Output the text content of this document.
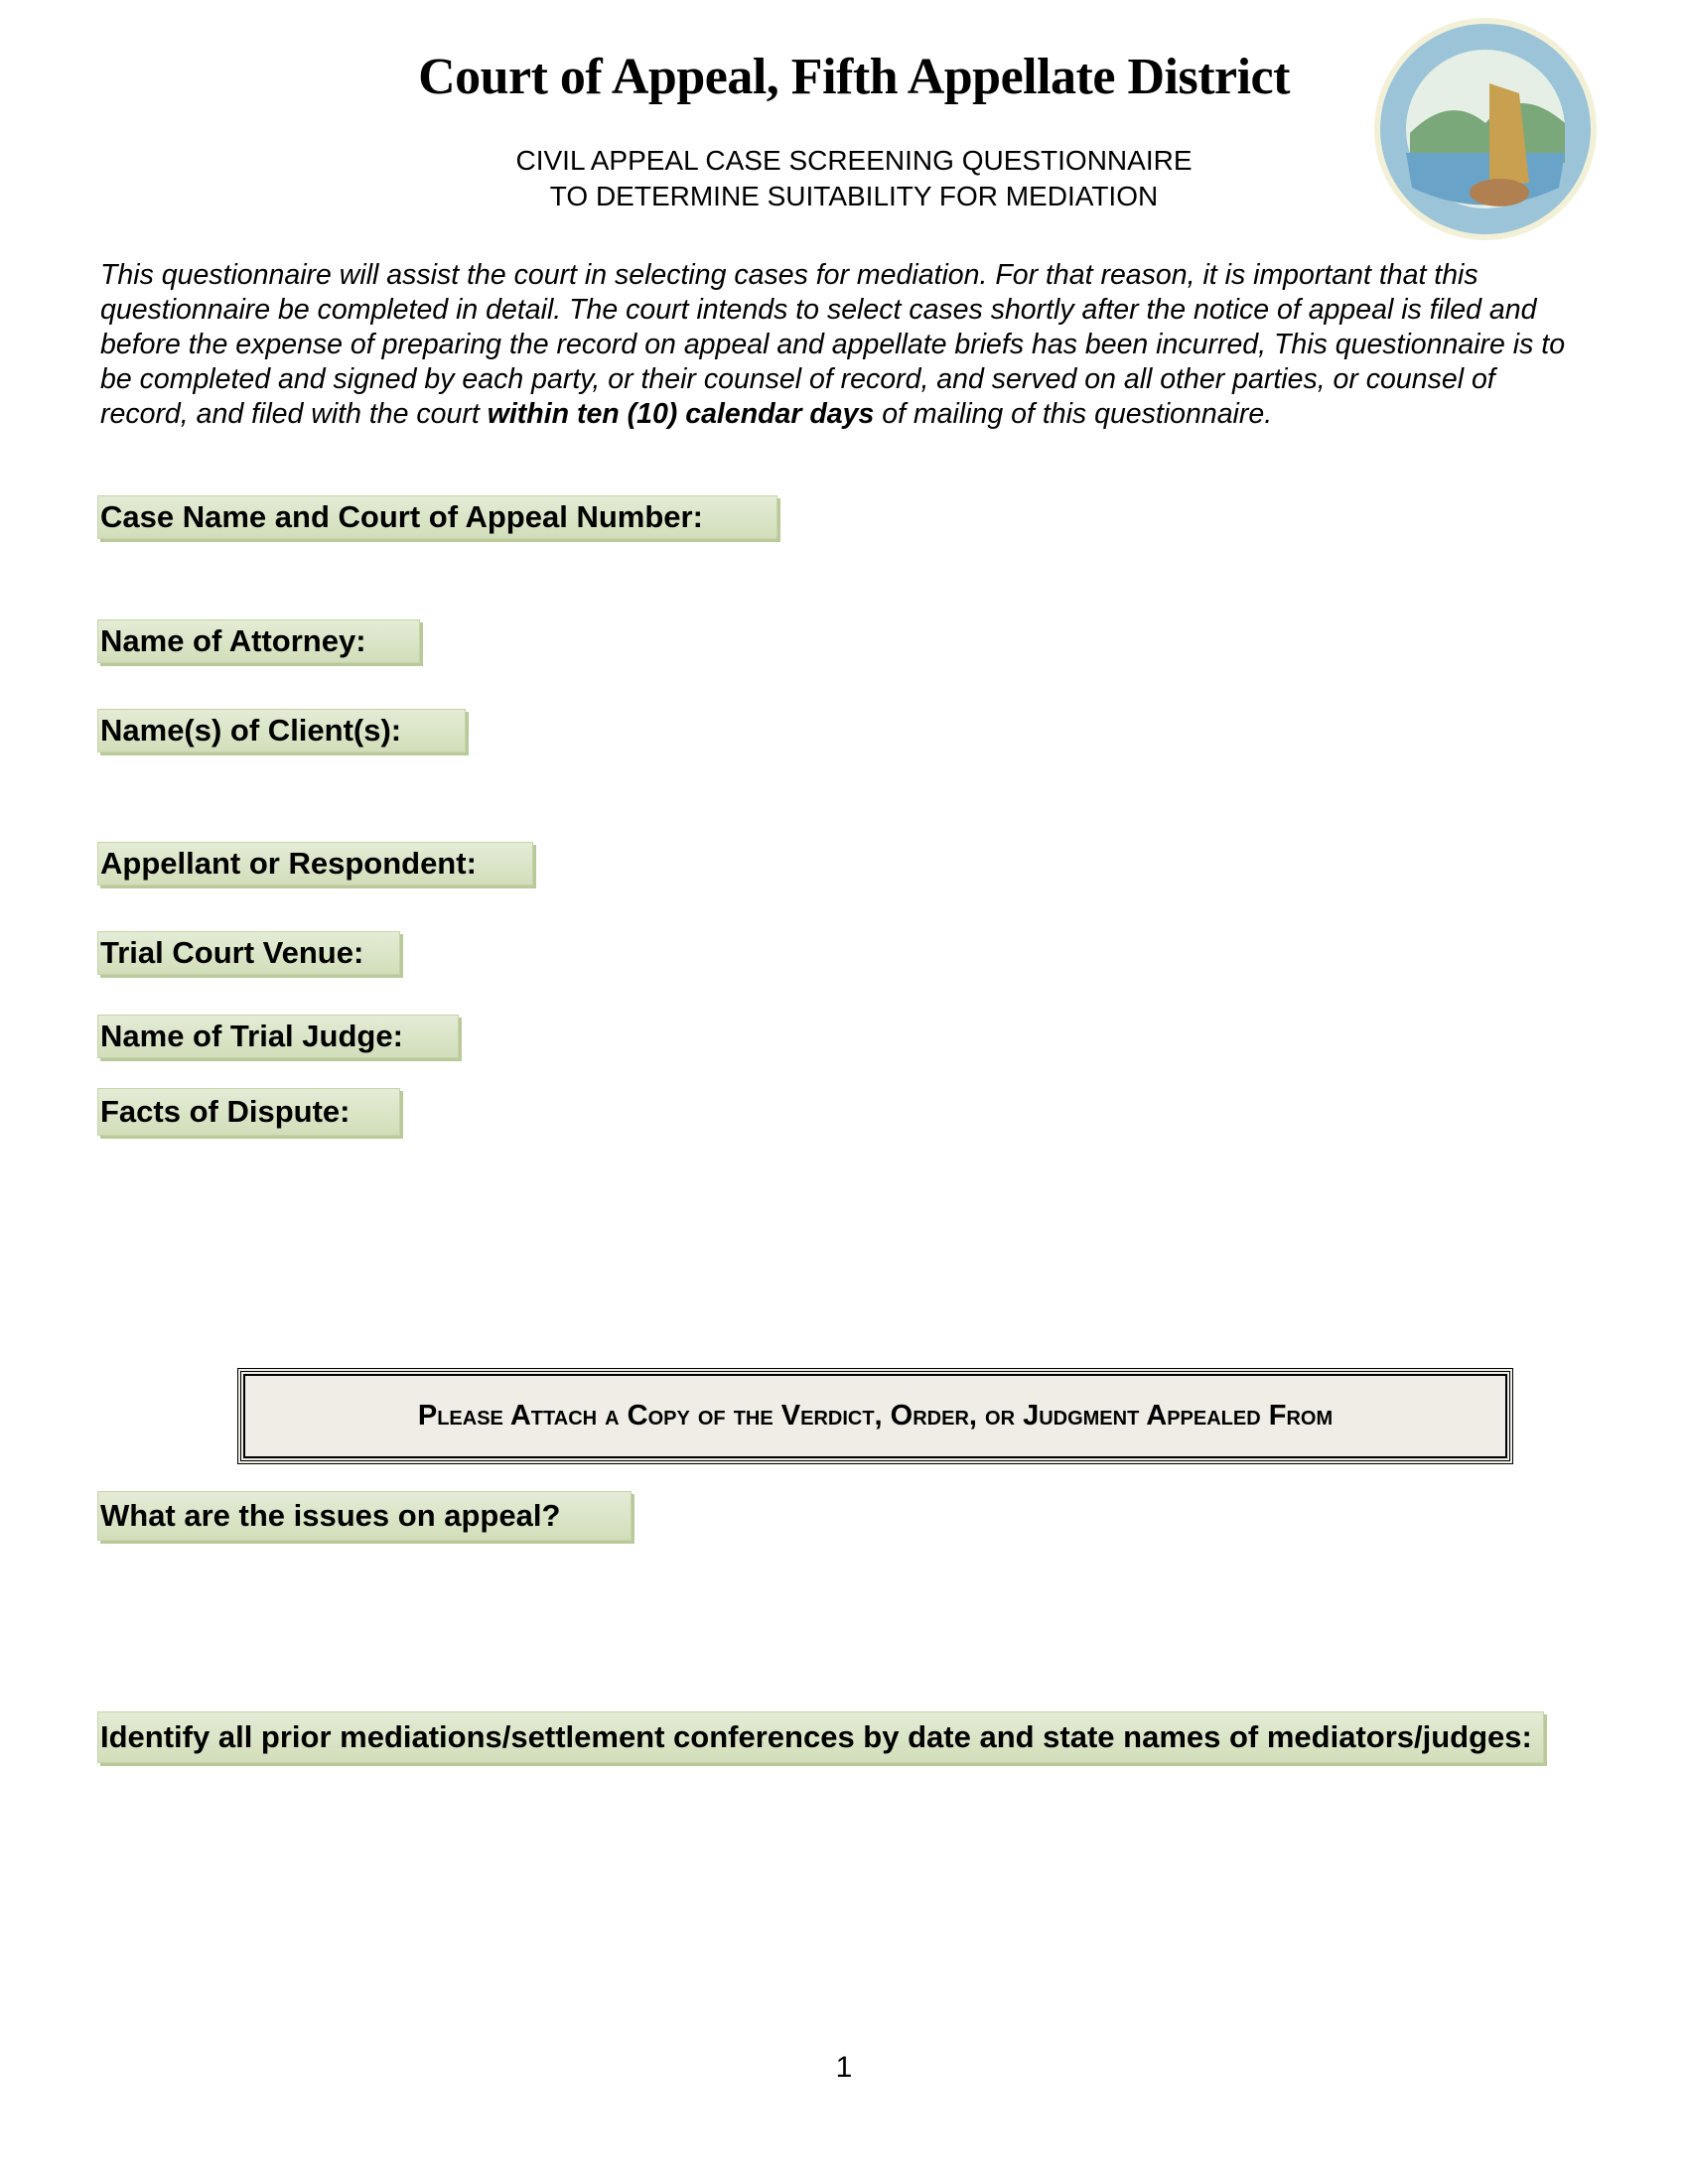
Court of Appeal, Fifth Appellate District
CIVIL APPEAL CASE SCREENING QUESTIONNAIRE
TO DETERMINE SUITABILITY FOR MEDIATION
This questionnaire will assist the court in selecting cases for mediation. For that reason, it is important that this questionnaire be completed in detail. The court intends to select cases shortly after the notice of appeal is filed and before the expense of preparing the record on appeal and appellate briefs has been incurred, This questionnaire is to be completed and signed by each party, or their counsel of record, and served on all other parties, or counsel of record, and filed with the court within ten (10) calendar days of mailing of this questionnaire.
Case Name and Court of Appeal Number:
Name of Attorney:
Name(s) of Client(s):
Appellant or Respondent:
Trial Court Venue:
Name of Trial Judge:
Facts of Dispute:
Please Attach a Copy of the Verdict, Order, or Judgment Appealed From
What are the issues on appeal?
Identify all prior mediations/settlement conferences by date and state names of mediators/judges:
1
